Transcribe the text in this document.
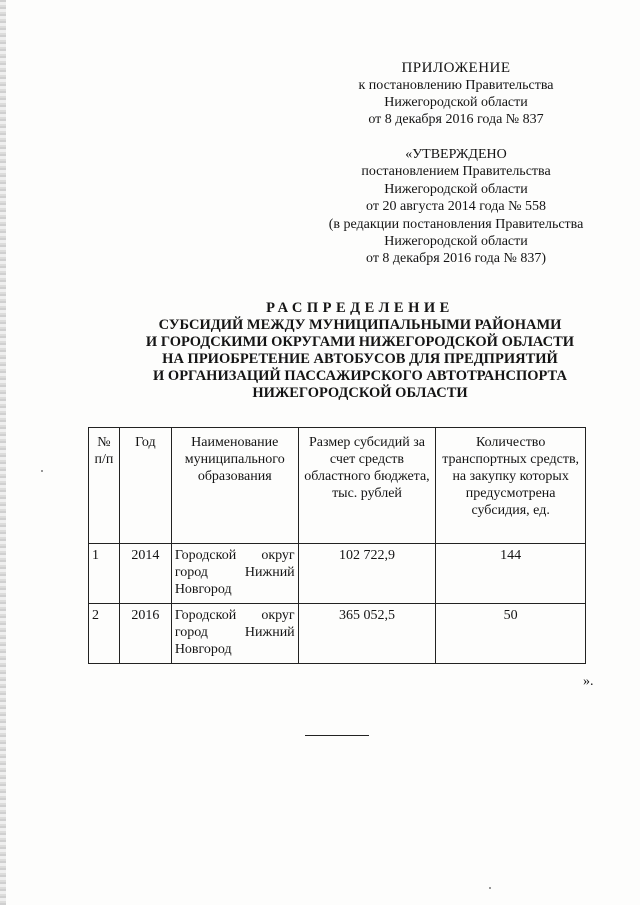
ПРИЛОЖЕНИЕ
к постановлению Правительства
Нижегородской области
от 8 декабря 2016 года № 837
«УТВЕРЖДЕНО
постановлением Правительства
Нижегородской области
от 20 августа 2014 года № 558
(в редакции постановления Правительства
Нижегородской области
от 8 декабря 2016 года № 837)
РАСПРЕДЕЛЕНИЕ
СУБСИДИЙ МЕЖДУ МУНИЦИПАЛЬНЫМИ РАЙОНАМИ
И ГОРОДСКИМИ ОКРУГАМИ НИЖЕГОРОДСКОЙ ОБЛАСТИ
НА ПРИОБРЕТЕНИЕ АВТОБУСОВ ДЛЯ ПРЕДПРИЯТИЙ
И ОРГАНИЗАЦИЙ ПАССАЖИРСКОГО АВТОТРАНСПОРТА
НИЖЕГОРОДСКОЙ ОБЛАСТИ
№ п/п	Год	Наименование муниципального образования	Размер субсидий за счет средств областного бюджета, тыс. рублей	Количество транспортных средств, на закупку которых предусмотрена субсидия, ед.
1	2014	Городской округ город Нижний Новгород	102 722,9	144
2	2016	Городской округ город Нижний Новгород	365 052,5	50
».
